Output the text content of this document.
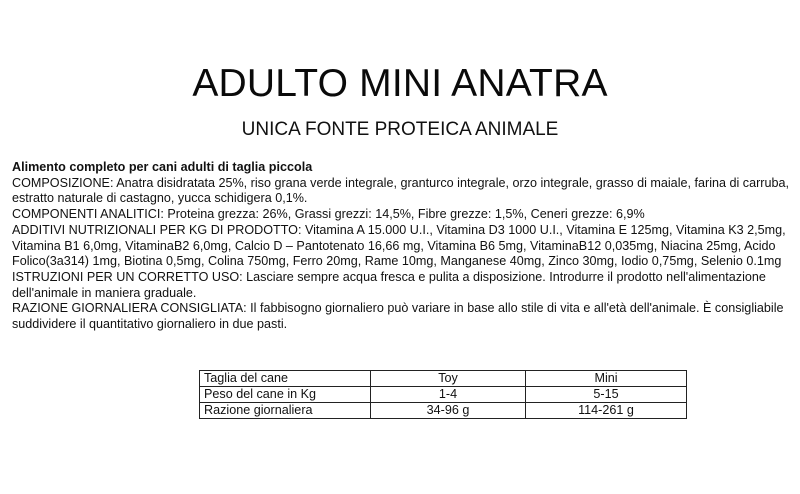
ADULTO MINI ANATRA
UNICA FONTE PROTEICA ANIMALE

Alimento completo per cani adulti di taglia piccola

COMPOSIZIONE: Anatra disidratata 25%, riso grana verde integrale, granturco integrale, orzo integrale, grasso di maiale, farina di carruba, estratto naturale di castagno, yucca schidigera 0,1%.

COMPONENTI ANALITICI: Proteina grezza: 26%, Grassi grezzi: 14,5%, Fibre grezze: 1,5%, Ceneri grezze: 6,9%

ADDITIVI NUTRIZIONALI PER KG DI PRODOTTO: Vitamina A 15.000 U.I., Vitamina D3 1000 U.I., Vitamina E 125mg, Vitamina K3 2,5mg, Vitamina B1 6,0mg, VitaminaB2 6,0mg, Calcio D – Pantotenato 16,66 mg, Vitamina B6 5mg, VitaminaB12 0,035mg, Niacina 25mg, Acido Folico(3a314) 1mg, Biotina 0,5mg, Colina 750mg, Ferro 20mg, Rame 10mg, Manganese 40mg, Zinco 30mg, Iodio 0,75mg, Selenio 0.1mg

ISTRUZIONI PER UN CORRETTO USO: Lasciare sempre acqua fresca e pulita a disposizione. Introdurre il prodotto nell'alimentazione dell'animale in maniera graduale.

RAZIONE GIORNALIERA CONSIGLIATA: Il fabbisogno giornaliero può variare in base allo stile di vita e all'età dell'animale. È consigliabile suddividere il quantitativo giornaliero in due pasti.

Taglia del cane	Toy	Mini
Peso del cane in Kg	1-4	5-15
Razione giornaliera	34-96 g	114-261 g
